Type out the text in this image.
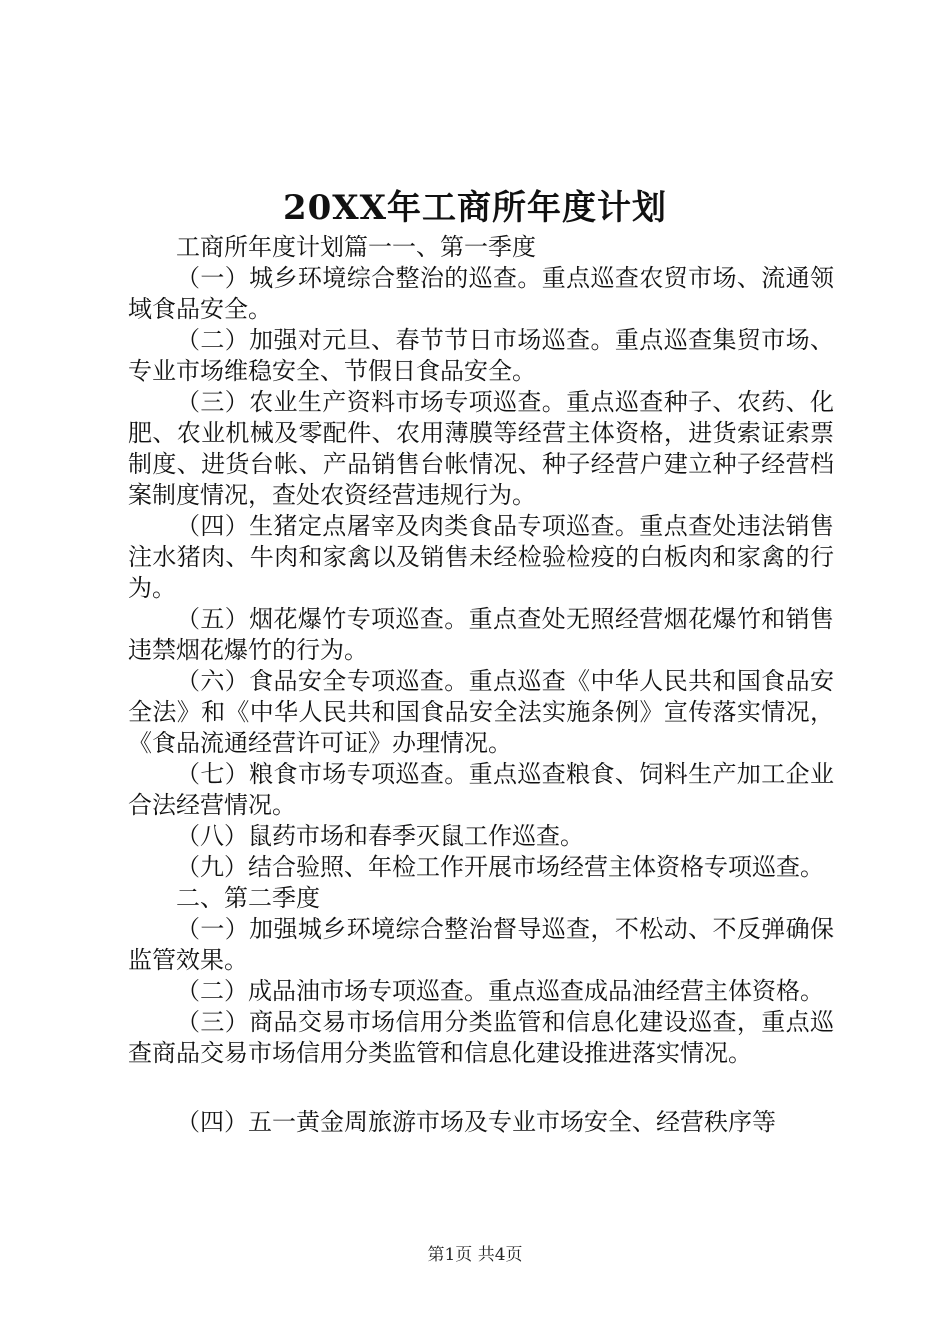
20XX年工商所年度计划

工商所年度计划篇一一、第一季度

（一）城乡环境综合整治的巡查。重点巡查农贸市场、流通领域食品安全。

（二）加强对元旦、春节节日市场巡查。重点巡查集贸市场、专业市场维稳安全、节假日食品安全。

（三）农业生产资料市场专项巡查。重点巡查种子、农药、化肥、农业机械及零配件、农用薄膜等经营主体资格，进货索证索票制度、进货台帐、产品销售台帐情况、种子经营户建立种子经营档案制度情况，查处农资经营违规行为。

（四）生猪定点屠宰及肉类食品专项巡查。重点查处违法销售注水猪肉、牛肉和家禽以及销售未经检验检疫的白板肉和家禽的行为。

（五）烟花爆竹专项巡查。重点查处无照经营烟花爆竹和销售违禁烟花爆竹的行为。

（六）食品安全专项巡查。重点巡查《中华人民共和国食品安全法》和《中华人民共和国食品安全法实施条例》宣传落实情况，《食品流通经营许可证》办理情况。

（七）粮食市场专项巡查。重点巡查粮食、饲料生产加工企业合法经营情况。

（八）鼠药市场和春季灭鼠工作巡查。

（九）结合验照、年检工作开展市场经营主体资格专项巡查。

二、第二季度

（一）加强城乡环境综合整治督导巡查，不松动、不反弹确保监管效果。

（二）成品油市场专项巡查。重点巡查成品油经营主体资格。

（三）商品交易市场信用分类监管和信息化建设巡查，重点巡查商品交易市场信用分类监管和信息化建设推进落实情况。

（四）五一黄金周旅游市场及专业市场安全、经营秩序等

第1页 共4页
